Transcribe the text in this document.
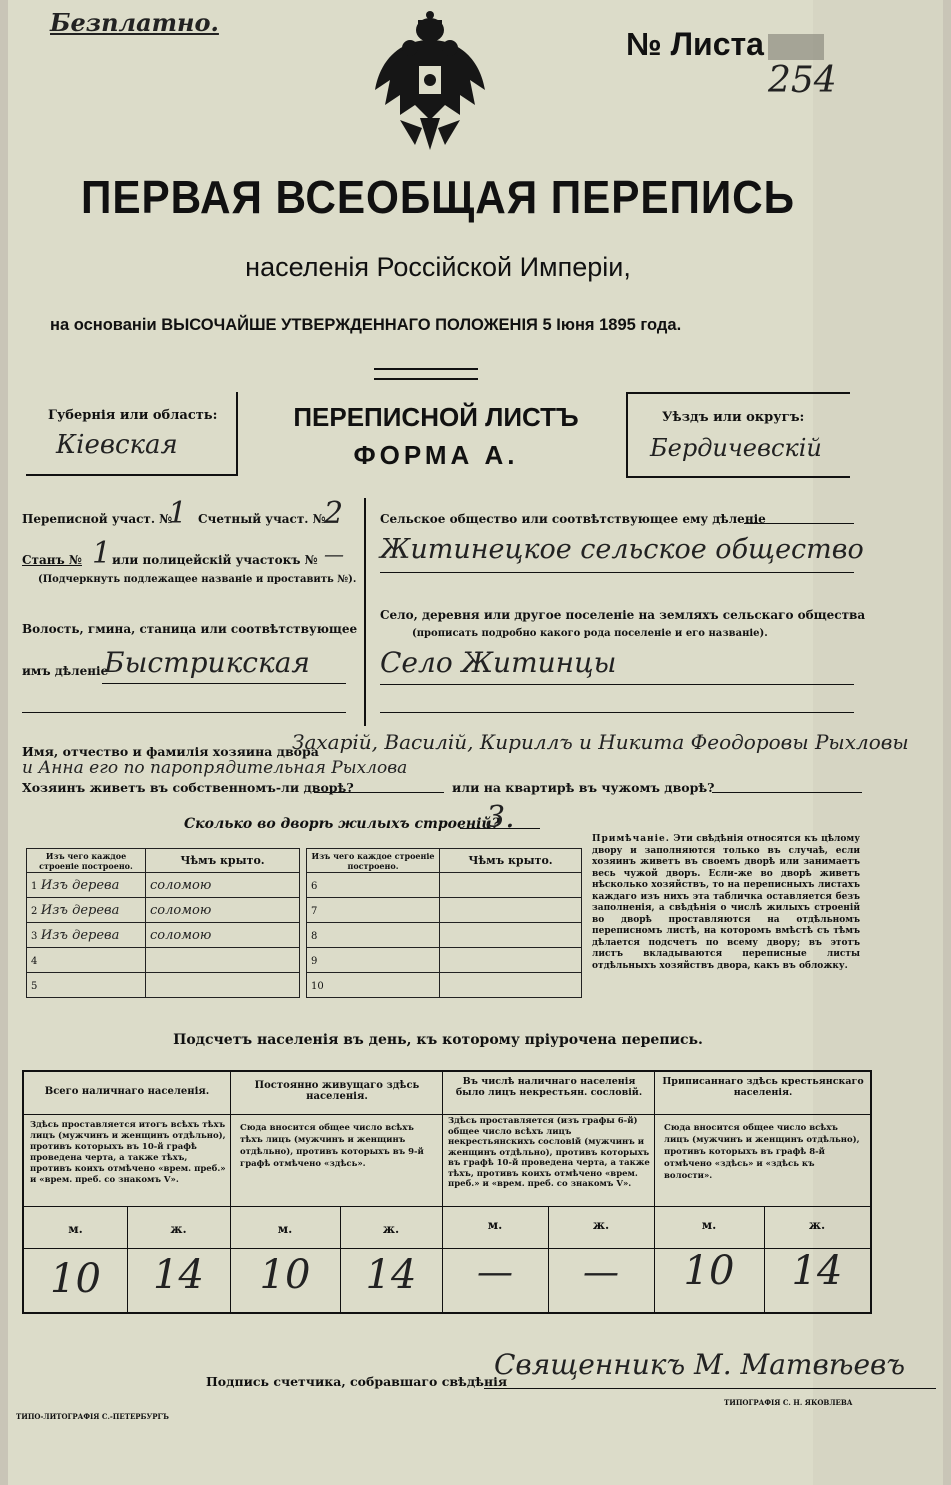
Безплатно.
№ Листа
254
ПЕРВАЯ ВСЕОБЩАЯ ПЕРЕПИСЬ
населенія Россійской Имперіи,
на основаніи ВЫСОЧАЙШЕ УТВЕРЖДЕННАГО ПОЛОЖЕНІЯ 5 Іюня 1895 года.
Губернія или область:
Кіевская
ПЕРЕПИСНОЙ ЛИСТЪ
ФОРМА А.
Уѣздъ или округъ:
Бердичевскій
Переписной участ. №
1 Счетный участ. №
2
Станъ № 1 или полицейскій участокъ № —
(Подчеркнуть подлежащее названіе и проставить №).
Волость, гмина, станица или соотвѣтствующее
имъ дѣленіе
Быстрикская
Сельское общество или соотвѣтствующее ему дѣленіе
Житинецкое сельское общество
Село, деревня или другое поселеніе на земляхъ сельскаго общества
(прописать подробно какого рода поселеніе и его названіе).
Село Житинцы
Имя, отчество и фамилія хозяина двора
Захарій, Василій, Кириллъ и Никита Феодоровы Рыхловы
и Анна его по паропрядительная Рыхлова
Хозяинъ живетъ въ собственномъ-ли дворѣ?	или на квартирѣ въ чужомъ дворѣ?
Сколько во дворѣ жилыхъ строеній?
3.
Изъ чего каждое строеніе построено.	Чѣмъ крыто.
1 Изъ дерева	соломою
2 Изъ дерева	соломою
3 Изъ дерева	соломою
4	
5	
Изъ чего каждое строеніе построено.	Чѣмъ крыто.
6	
7	
8	
9	
10	
Примѣчаніе. Эти свѣдѣнія относятся къ цѣлому двору и заполняются только въ случаѣ, если хозяинъ живетъ въ своемъ дворѣ или занимаетъ весь чужой дворъ. Если-же во дворѣ живетъ нѣсколько хозяйствъ, то на переписныхъ листахъ каждаго изъ нихъ эта табличка оставляется безъ заполненія, а свѣдѣнія о числѣ жилыхъ строеній во дворѣ проставляются на отдѣльномъ переписномъ листѣ, на которомъ вмѣстѣ съ тѣмъ дѣлается подсчетъ по всему двору; въ этотъ листъ вкладываются переписные листы отдѣльныхъ хозяйствъ двора, какъ въ обложку.
Подсчетъ населенія въ день, къ которому пріурочена перепись.
Всего наличнаго населенія.
Здѣсь проставляется итогъ всѣхъ тѣхъ лицъ (мужчинъ и женщинъ отдѣльно), противъ которыхъ въ 10-й графѣ проведена черта, а также тѣхъ, противъ коихъ отмѣчено «врем. преб.» и «врем. преб. со знакомъ V».
Постоянно живущаго здѣсь населенія.
Сюда вносится общее число всѣхъ тѣхъ лицъ (мужчинъ и женщинъ отдѣльно), противъ которыхъ въ 9-й графѣ отмѣчено «здѣсь».
Въ числѣ наличнаго населенія было лицъ некрестьян. сословій.
Здѣсь проставляется (изъ графы 6-й) общее число всѣхъ лицъ некрестьянскихъ сословій (мужчинъ и женщинъ отдѣльно), противъ которыхъ въ графѣ 10-й проведена черта, а также тѣхъ, противъ коихъ отмѣчено «врем. преб.» и «врем. преб. со знакомъ V».
Приписаннаго здѣсь крестьянскаго населенія.
Сюда вносится общее число всѣхъ лицъ (мужчинъ и женщинъ отдѣльно), противъ которыхъ въ графѣ 8-й отмѣчено «здѣсь» и «здѣсь къ волости».
м.	ж.	м.	ж.	м.	ж.	м.	ж.
10	14	10	14	—	—	10	14
Подпись счетчика, собравшаго свѣдѣнія
Священникъ М. Матвѣевъ
ТИПО-ЛИТОГРАФІЯ С.-ПЕТЕРБУРГЪ
ТИПОГРАФІЯ С. Н. ЯКОВЛЕВА
